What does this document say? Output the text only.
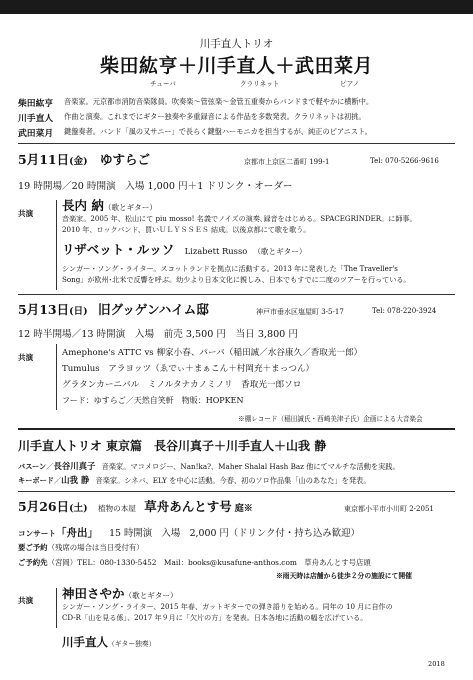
川手直人トリオ
柴田紘亨＋川手直人＋武田菜月
チューバ	クラリネット	ピアノ
柴田紘亨	音楽家。元京都市消防音楽隊員。吹奏楽～管弦楽～金管五重奏からバンドまで軽やかに横断中。
川手直人	作曲と演奏。これまでにギター独奏や多重録音による作品を多数発表。クラリネットは初挑。
武田菜月	鍵盤奏者。バンド「風の又サニー」で長らく鍵盤ハーモニカを担当するが、純正のピアニスト。
5月11日(金) ゆすらご	京都市上京区二番町 199-1	Tel: 070-5266-9616
19 時開場／20 時開演　入場 1,000 円＋1 ドリンク・オーダー
共演
長内 納（歌とギター）
音楽家。2005 年、松山にて piu mosso! 名義でノイズの演奏､録音をはじめる。SPACEGRINDER。に師事。
2010 年、ロックバンド、買いＵＬＹＳＳＥＳ 結成。以後京都にて歌を歌う。
リザベット・ルッソ Lizabett Russo （歌とギター）
シンガー・ソング・ライター。スコットランドを拠点に活動する。2013 年に発表した「The Traveller's
Song」が欧州･北米で反響を呼ぶ。幼少より日本文化に親しみ、日本でもすでに二度のツアーを行っている。
5月13日(日) 旧グッゲンハイム邸	神戸市垂水区塩屋町 3-5-17	Tel: 078-220-3924
12 時半開場／13 時開演　入場　前売 3,500 円　当日 3,800 円
共演	Amephone's ATTC vs 柳家小春、パーバ（稲田誠／水谷康久／香取光一郎）
Tumulus　アラヨッツ（ゑでぃ＋まぁこん＋村岡充＋まっつん）
グラタンカーニバル　ミノルタナカノミノリ　香取光一郎ソロ
フード：ゆすらご／天然自笑軒　物販：HOPKEN
※棚レコード（稲田誠氏・西崎美津子氏）企画による大音楽会
川手直人トリオ 東京篇　長谷川真子＋川手直人＋山我 静
バスーン／長谷川真子 音楽家。マコメロジー、Nan!ka?、Maher Shalal Hash Baz 他にてマルチな活動を実践。
キーボード／山我 静 音楽家。シネバ、ELY を中心に活動。今春、初のソロ作品集「山のあなた」を発表。
5月26日(土) 植物の本屋 草舟あんとす号 庭※	東京都小平市小川町 2-2051
コンサート「舟出」 15 時開演　入場　2,000 円（ドリンク付・持ち込み歓迎）
要ご予約（残席の場合は当日受付有）
ご予約先（宮岡）TEL：080-1330-5452　Mail：books@kusafune-anthos.com　草舟あんとす号店頭
※雨天時は店舗から徒歩２分の施設にて開催
共演 神田さやか（歌とギター）
シンガー・ソング・ライター、2015 年春、ガットギターでの弾き語りを始める。同年の 10 月に自作の
CD-R「山を見る係」、2017 年９月に「欠片の方」を発表。日本各地に活動の幅を広げている。
川手直人（ギター独奏）
2018
